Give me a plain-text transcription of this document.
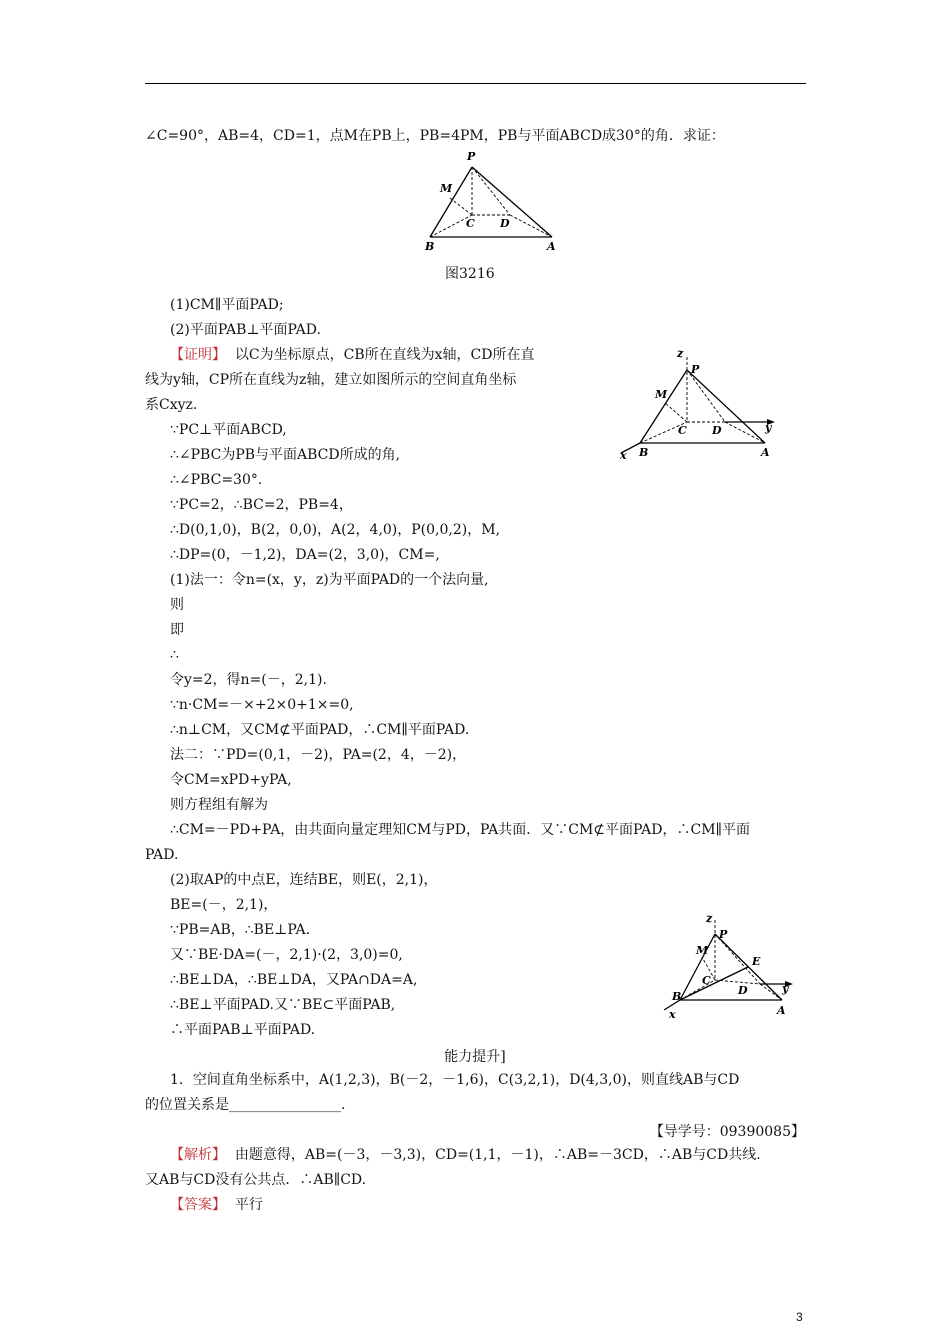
∠C=90°，AB=4，CD=1，点M在PB上，PB=4PM，PB与平面ABCD成30°的角．求证：
P
M
C D
B	A
图3216
z
P
M
C D	y
x B	A
(1)CM∥平面PAD;
(2)平面PAB⊥平面PAD.
【证明】 以C为坐标原点，CB所在直线为x轴，CD所在直
线为y轴，CP所在直线为z轴，建立如图所示的空间直角坐标
系Cxyz.
∵PC⊥平面ABCD,
∴∠PBC为PB与平面ABCD所成的角,
∴∠PBC=30°.
∵PC=2，∴BC=2，PB=4，
∴D(0,1,0)，B(2，0,0)，A(2，4,0)，P(0,0,2)，M,
∴DP=(0，－1,2)，DA=(2，3,0)，CM=,
(1)法一：令n=(x，y，z)为平面PAD的一个法向量,
则
即
∴
令y=2，得n=(－，2,1).
∵n·CM=－×+2×0+1×=0,
∴n⊥CM，又CM⊄平面PAD，∴CM∥平面PAD.
法二：∵PD=(0,1，－2)，PA=(2，4，－2)，
令CM=xPD+yPA,
则方程组有解为
∴CM=－PD+PA，由共面向量定理知CM与PD，PA共面．又∵CM⊄平面PAD，∴CM∥平面
PAD.
(2)取AP的中点E，连结BE，则E(，2,1)，
BE=(－，2,1)，
∵PB=AB，∴BE⊥PA.
又∵BE·DA=(－，2,1)·(2，3,0)=0,
∴BE⊥DA，∴BE⊥DA，又PA∩DA=A,
∴BE⊥平面PAD.又∵BE⊂平面PAB,
∴平面PAB⊥平面PAD.
z
P
M
E
C
D	y
x
B
A
能力提升]
1．空间直角坐标系中，A(1,2,3)，B(－2，－1,6)，C(3,2,1)，D(4,3,0)，则直线AB与CD
的位置关系是________________.
【导学号：09390085】
【解析】 由题意得，AB=(－3，－3,3)，CD=(1,1，－1)，∴AB=－3CD，∴AB与CD共线.
又AB与CD没有公共点．∴AB∥CD.
【答案】 平行
3
